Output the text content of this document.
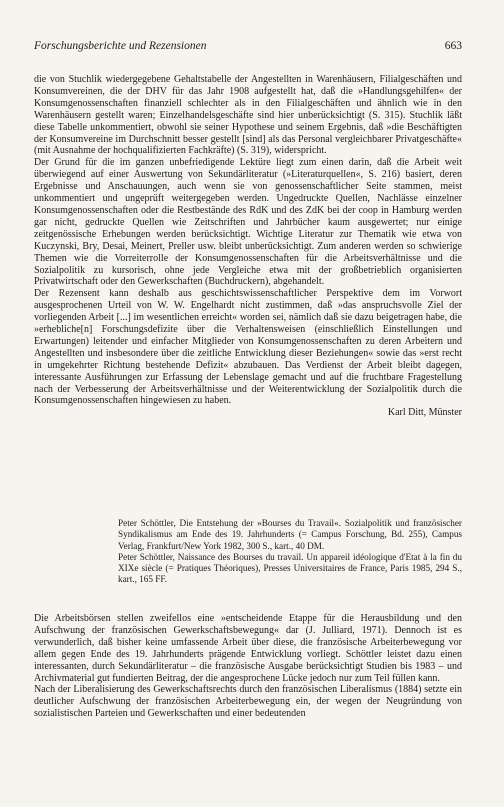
Forschungsberichte und Rezensionen	663

die von Stuchlik wiedergegebene Gehaltstabelle der Angestellten in Warenhäusern, Filialgeschäften und Konsumvereinen, die der DHV für das Jahr 1908 aufgestellt hat, daß die »Handlungsgehilfen« der Konsumgenossenschaften finanziell schlechter als in den Filialgeschäften und ähnlich wie in den Warenhäusern gestellt waren; Einzelhandelsgeschäfte sind hier unberücksichtigt (S. 315). Stuchlik läßt diese Tabelle unkommentiert, obwohl sie seiner Hypothese und seinem Ergebnis, daß »die Beschäftigten der Konsumvereine im Durchschnitt besser gestellt [sind] als das Personal vergleichbarer Privatgeschäfte« (mit Ausnahme der hochqualifizierten Fachkräfte) (S. 319), widerspricht.

Der Grund für die im ganzen unbefriedigende Lektüre liegt zum einen darin, daß die Arbeit weit überwiegend auf einer Auswertung von Sekundärliteratur (»Literaturquellen«, S. 216) basiert, deren Ergebnisse und Anschauungen, auch wenn sie von genossenschaftlicher Seite stammen, meist unkommentiert und ungeprüft weitergegeben werden. Ungedruckte Quellen, Nachlässe einzelner Konsumgenossenschaften oder die Restbestände des RdK und des ZdK bei der coop in Hamburg werden gar nicht, gedruckte Quellen wie Zeitschriften und Jahrbücher kaum ausgewertet; nur einige zeitgenössische Erhebungen werden berücksichtigt. Wichtige Literatur zur Thematik wie etwa von Kuczynski, Bry, Desai, Meinert, Preller usw. bleibt unberücksichtigt. Zum anderen werden so schwierige Themen wie die Vorreiterrolle der Konsumgenossenschaften für die Arbeitsverhältnisse und die Sozialpolitik zu kursorisch, ohne jede Vergleiche etwa mit der großbetrieblich organisierten Privatwirtschaft oder den Gewerkschaften (Buchdruckern), abgehandelt.

Der Rezensent kann deshalb aus geschichtswissenschaftlicher Perspektive dem im Vorwort ausgesprochenen Urteil von W. W. Engelhardt nicht zustimmen, daß »das anspruchsvolle Ziel der vorliegenden Arbeit [...] im wesentlichen erreicht« worden sei, nämlich daß sie dazu beigetragen habe, die »erhebliche[n] Forschungsdefizite über die Verhaltensweisen (einschließlich Einstellungen und Erwartungen) leitender und einfacher Mitglieder von Konsumgenossenschaften zu deren Arbeitern und Angestellten und insbesondere über die zeitliche Entwicklung dieser Beziehungen« sowie das »erst recht in umgekehrter Richtung bestehende Defizit« abzubauen. Das Verdienst der Arbeit bleibt dagegen, interessante Ausführungen zur Erfassung der Lebenslage gemacht und auf die fruchtbare Fragestellung nach der Verbesserung der Arbeitsverhältnisse und der Weiterentwicklung der Sozialpolitik durch die Konsumgenossenschaften hingewiesen zu haben.

Karl Ditt, Münster

Peter Schöttler, Die Entstehung der »Bourses du Travail«. Sozialpolitik und französischer Syndikalismus am Ende des 19. Jahrhunderts (= Campus Forschung, Bd. 255), Campus Verlag, Frankfurt/New York 1982, 300 S., kart., 40 DM.

Peter Schöttler, Naissance des Bourses du travail. Un appareil idéologique d'Etat à la fin du XIXe siècle (= Pratiques Théoriques), Presses Universitaires de France, Paris 1985, 294 S., kart., 165 FF.

Die Arbeitsbörsen stellen zweifellos eine »entscheidende Etappe für die Herausbildung und den Aufschwung der französischen Gewerkschaftsbewegung« dar (J. Julliard, 1971). Dennoch ist es verwunderlich, daß bisher keine umfassende Arbeit über diese, die französische Arbeiterbewegung vor allem gegen Ende des 19. Jahrhunderts prägende Entwicklung vorliegt. Schöttler leistet dazu einen interessanten, durch Sekundärliteratur – die französische Ausgabe berücksichtigt Studien bis 1983 – und Archivmaterial gut fundierten Beitrag, der die angesprochene Lücke jedoch nur zum Teil füllen kann.

Nach der Liberalisierung des Gewerkschaftsrechts durch den französischen Liberalismus (1884) setzte ein deutlicher Aufschwung der französischen Arbeiterbewegung ein, der wegen der Neugründung von sozialistischen Parteien und Gewerkschaften und einer bedeutenden
